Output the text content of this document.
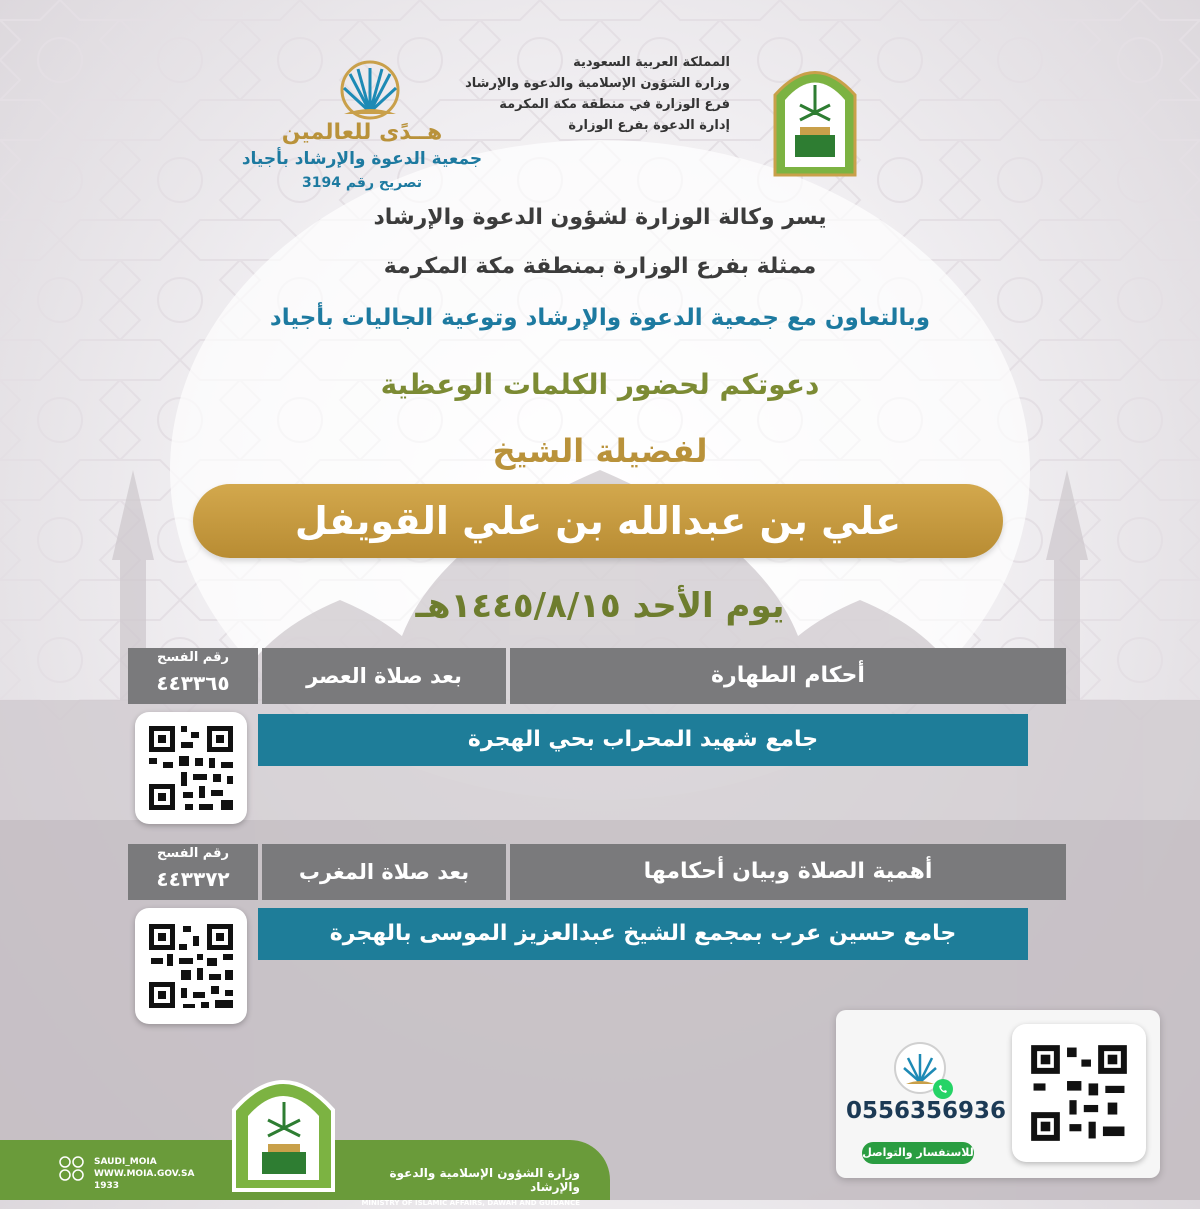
المملكة العربية السعودية
وزارة الشؤون الإسلامية والدعوة والإرشاد
فرع الوزارة في منطقة مكة المكرمة
إدارة الدعوة بفرع الوزارة
هــدًى للعالمين
جمعية الدعوة والإرشاد بأجياد
تصريح رقم 3194
يسر وكالة الوزارة لشؤون الدعوة والإرشاد
ممثلة بفرع الوزارة بمنطقة مكة المكرمة
وبالتعاون مع جمعية الدعوة والإرشاد وتوعية الجاليات بأجياد
دعوتكم لحضور الكلمات الوعظية
لفضيلة الشيخ
علي بن عبدالله بن علي القويفل
يوم الأحد ١٤٤٥/٨/١٥هـ
أحكام الطهارة
بعد صلاة العصر
رقم الفسح
٤٤٣٣٦٥
جامع شهيد المحراب بحي الهجرة
أهمية الصلاة وبيان أحكامها
بعد صلاة المغرب
رقم الفسح
٤٤٣٣٧٢
جامع حسين عرب بمجمع الشيخ عبدالعزيز الموسى بالهجرة
0556356936
للاستفسار والتواصل
SAUDI_MOIA
WWW.MOIA.GOV.SA
1933
وزارة الشؤون الإسلامية والدعوة والإرشاد
MINISTRY OF ISLAMIC AFFAIRS, DAWAH AND GUIDANCE
